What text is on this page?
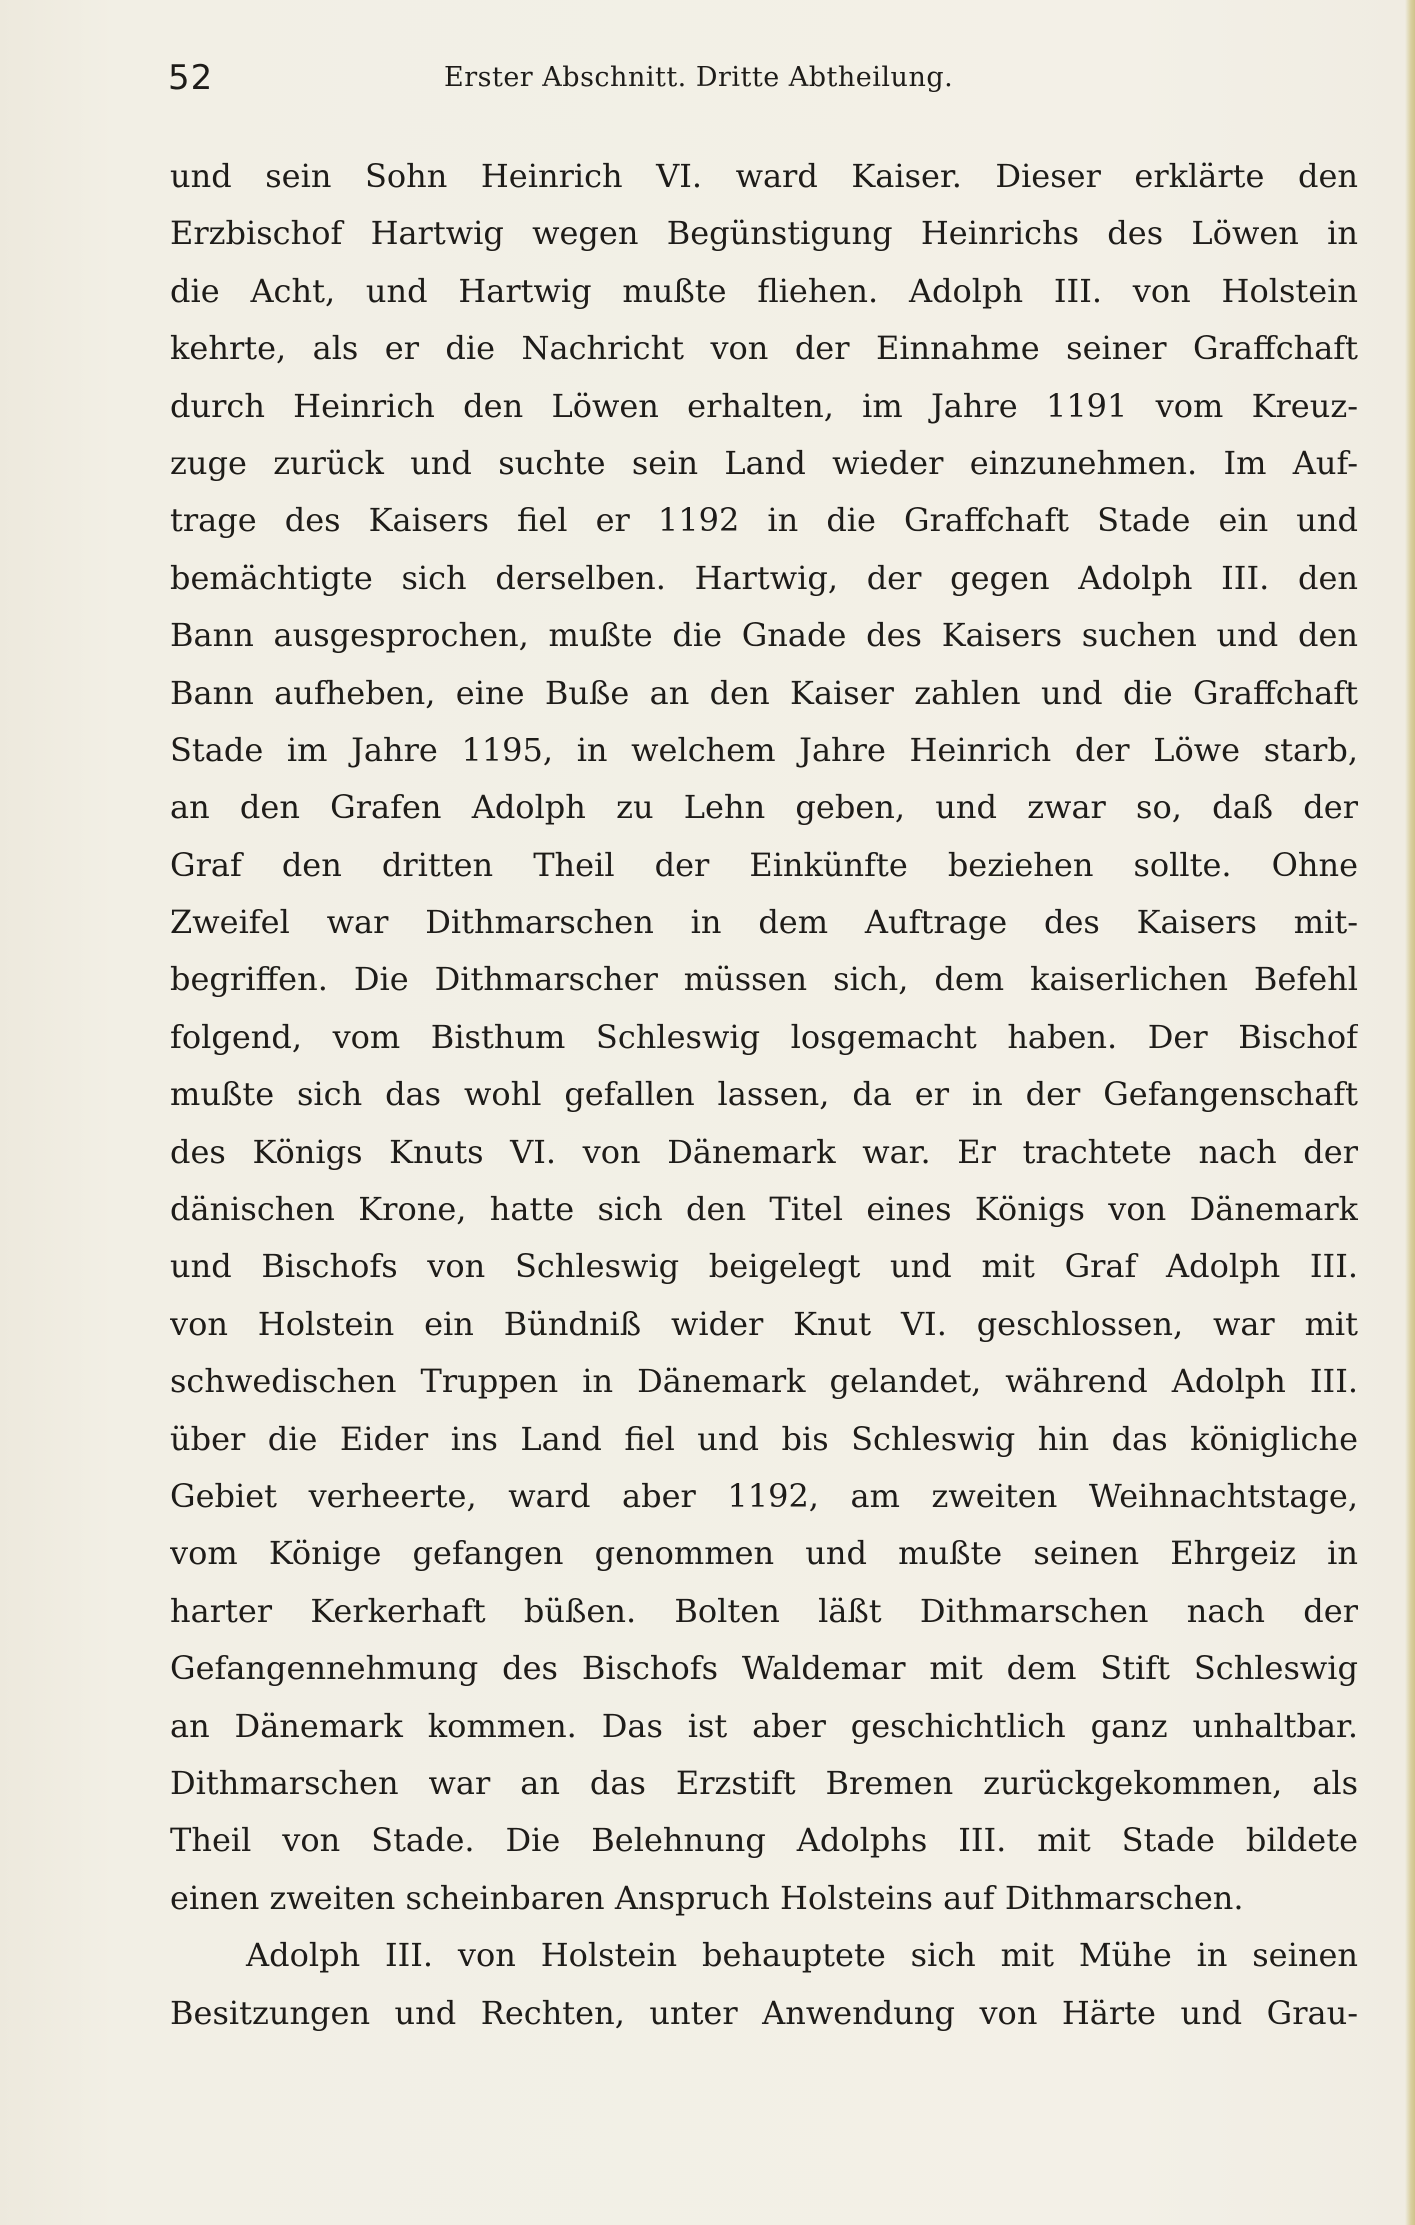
52	Erster Abschnitt. Dritte Abtheilung.
und sein Sohn Heinrich VI. ward Kaiser. Dieser erklärte den
Erzbischof Hartwig wegen Begünstigung Heinrichs des Löwen in
die Acht, und Hartwig mußte fliehen. Adolph III. von Holstein
kehrte, als er die Nachricht von der Einnahme seiner Graffchaft
durch Heinrich den Löwen erhalten, im Jahre 1191 vom Kreuz-
zuge zurück und suchte sein Land wieder einzunehmen. Im Auf-
trage des Kaisers fiel er 1192 in die Graffchaft Stade ein und
bemächtigte sich derselben. Hartwig, der gegen Adolph III. den
Bann ausgesprochen, mußte die Gnade des Kaisers suchen und den
Bann aufheben, eine Buße an den Kaiser zahlen und die Graffchaft
Stade im Jahre 1195, in welchem Jahre Heinrich der Löwe starb,
an den Grafen Adolph zu Lehn geben, und zwar so, daß der
Graf den dritten Theil der Einkünfte beziehen sollte. Ohne
Zweifel war Dithmarschen in dem Auftrage des Kaisers mit-
begriffen. Die Dithmarscher müssen sich, dem kaiserlichen Befehl
folgend, vom Bisthum Schleswig losgemacht haben. Der Bischof
mußte sich das wohl gefallen lassen, da er in der Gefangenschaft
des Königs Knuts VI. von Dänemark war. Er trachtete nach der
dänischen Krone, hatte sich den Titel eines Königs von Dänemark
und Bischofs von Schleswig beigelegt und mit Graf Adolph III.
von Holstein ein Bündniß wider Knut VI. geschlossen, war mit
schwedischen Truppen in Dänemark gelandet, während Adolph III.
über die Eider ins Land fiel und bis Schleswig hin das königliche
Gebiet verheerte, ward aber 1192, am zweiten Weihnachtstage,
vom Könige gefangen genommen und mußte seinen Ehrgeiz in
harter Kerkerhaft büßen. Bolten läßt Dithmarschen nach der
Gefangennehmung des Bischofs Waldemar mit dem Stift Schleswig
an Dänemark kommen. Das ist aber geschichtlich ganz unhaltbar.
Dithmarschen war an das Erzstift Bremen zurückgekommen, als
Theil von Stade. Die Belehnung Adolphs III. mit Stade bildete
einen zweiten scheinbaren Anspruch Holsteins auf Dithmarschen.
Adolph III. von Holstein behauptete sich mit Mühe in seinen
Besitzungen und Rechten, unter Anwendung von Härte und Grau-
